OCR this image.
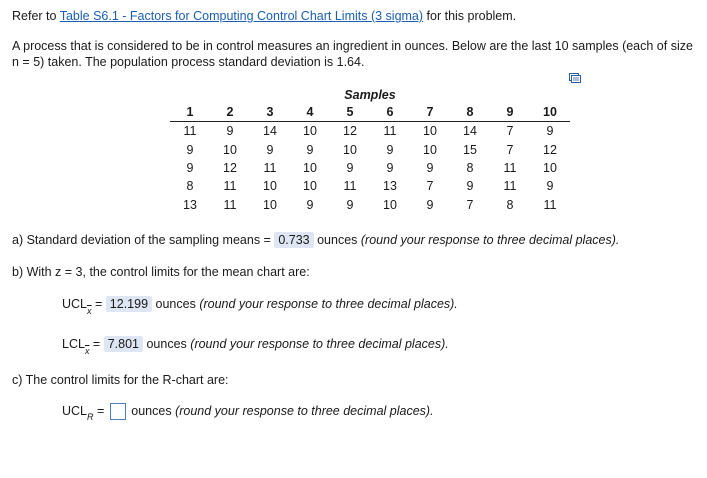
Refer to Table S6.1 - Factors for Computing Control Chart Limits (3 sigma) for this problem.
A process that is considered to be in control measures an ingredient in ounces. Below are the last 10 samples (each of size n = 5) taken. The population process standard deviation is 1.64.
Samples									
1	2	3	4	5	6	7	8	9	10
11	9	14	10	12	11	10	14	7	9
9	10	9	9	10	9	10	15	7	12
9	12	11	10	9	9	9	8	11	10
8	11	10	10	11	13	7	9	11	9
13	11	10	9	9	10	9	7	8	11
a) Standard deviation of the sampling means = 0.733 ounces (round your response to three decimal places).
b) With z = 3, the control limits for the mean chart are:
$UCL_{\overline{x}} = 12.199$ ounces (round your response to three decimal places).
$LCL_{\overline{x}} = 7.801$ ounces (round your response to three decimal places).
c) The control limits for the R-chart are:
$UCL_R$ = ounces (round your response to three decimal places).
